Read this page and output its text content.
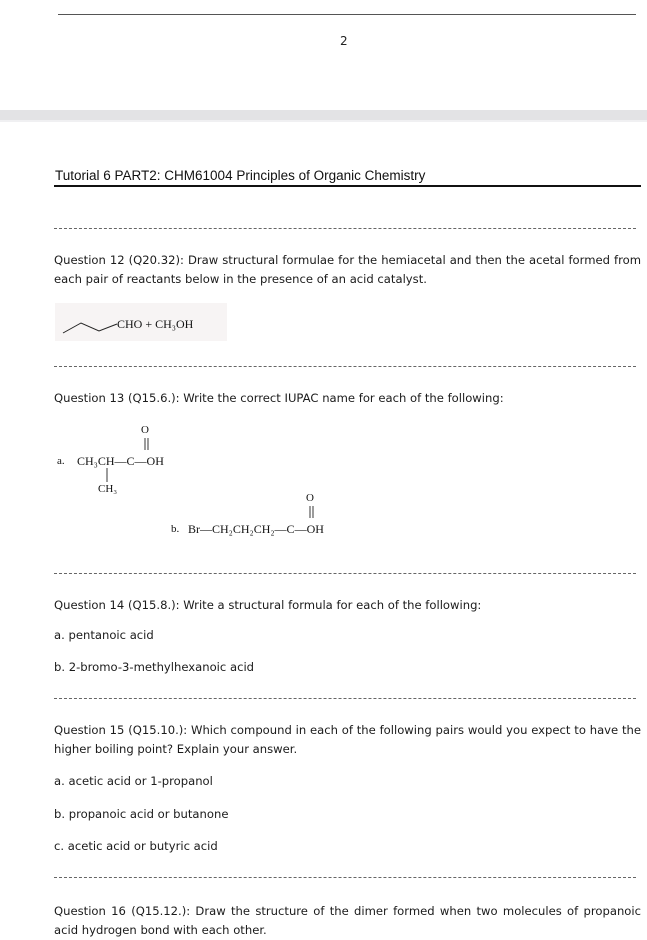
2
Tutorial 6 PART2: CHM61004 Principles of Organic Chemistry
Question 12 (Q20.32): Draw structural formulae for the hemiacetal and then the acetal formed from each pair of reactants below in the presence of an acid catalyst.
CHO + CH₃OH
Question 13 (Q15.6.): Write the correct IUPAC name for each of the following:
O
a. CH₃CH—C—OH
CH₃
O
b. Br—CH₂CH₂CH₂—C—OH
Question 14 (Q15.8.): Write a structural formula for each of the following:
a. pentanoic acid
b. 2-bromo-3-methylhexanoic acid
Question 15 (Q15.10.): Which compound in each of the following pairs would you expect to have the higher boiling point? Explain your answer.
a. acetic acid or 1-propanol
b. propanoic acid or butanone
c. acetic acid or butyric acid
Question 16 (Q15.12.): Draw the structure of the dimer formed when two molecules of propanoic acid hydrogen bond with each other.
